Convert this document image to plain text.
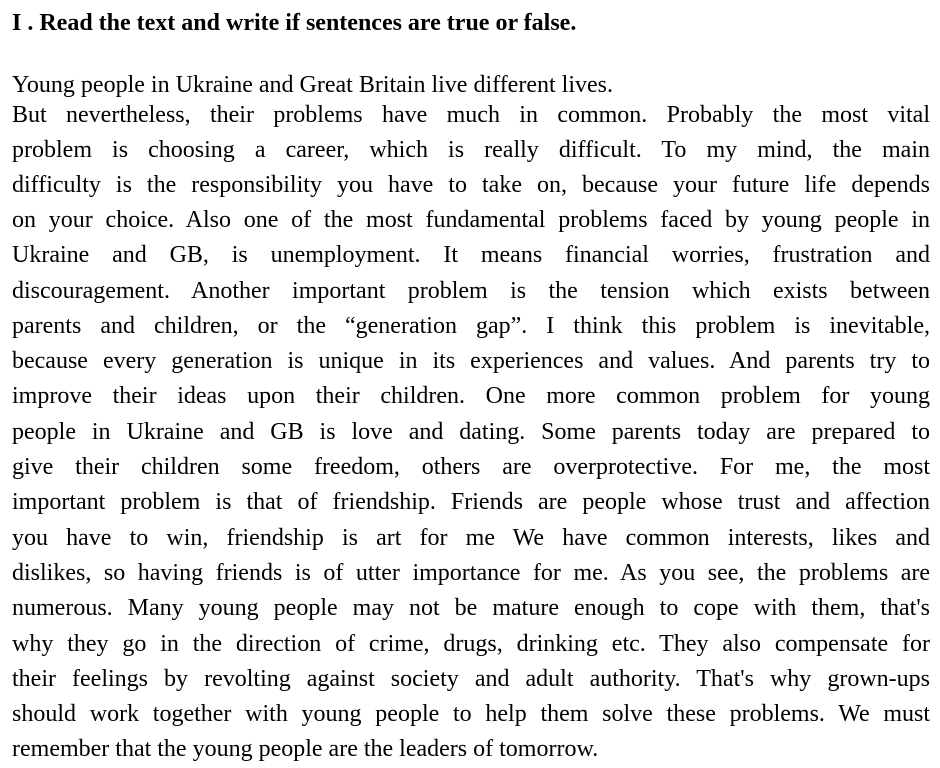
I . Read the text and write if sentences are true or false.
Young people in Ukraine and Great Britain live different lives.
But nevertheless, their problems have much in common. Probably the most vital
problem is choosing a career, which is really difficult. To my mind, the main
difficulty is the responsibility you have to take on, because your future life depends
on your choice. Also one of the most fundamental problems faced by young people in
Ukraine and GB, is unemployment. It means financial worries, frustration and
discouragement. Another important problem is the tension which exists between
parents and children, or the “generation gap”. I think this problem is inevitable,
because every generation is unique in its experiences and values. And parents try to
improve their ideas upon their children. One more common problem for young
people in Ukraine and GB is love and dating. Some parents today are prepared to
give their children some freedom, others are overprotective. For me, the most
important problem is that of friendship. Friends are people whose trust and affection
you have to win, friendship is art for me We have common interests, likes and
dislikes, so having friends is of utter importance for me. As you see, the problems are
numerous. Many young people may not be mature enough to cope with them, that's
why they go in the direction of crime, drugs, drinking etc. They also compensate for
their feelings by revolting against society and adult authority. That's why grown-ups
should work together with young people to help them solve these problems. We must
remember that the young people are the leaders of tomorrow.
